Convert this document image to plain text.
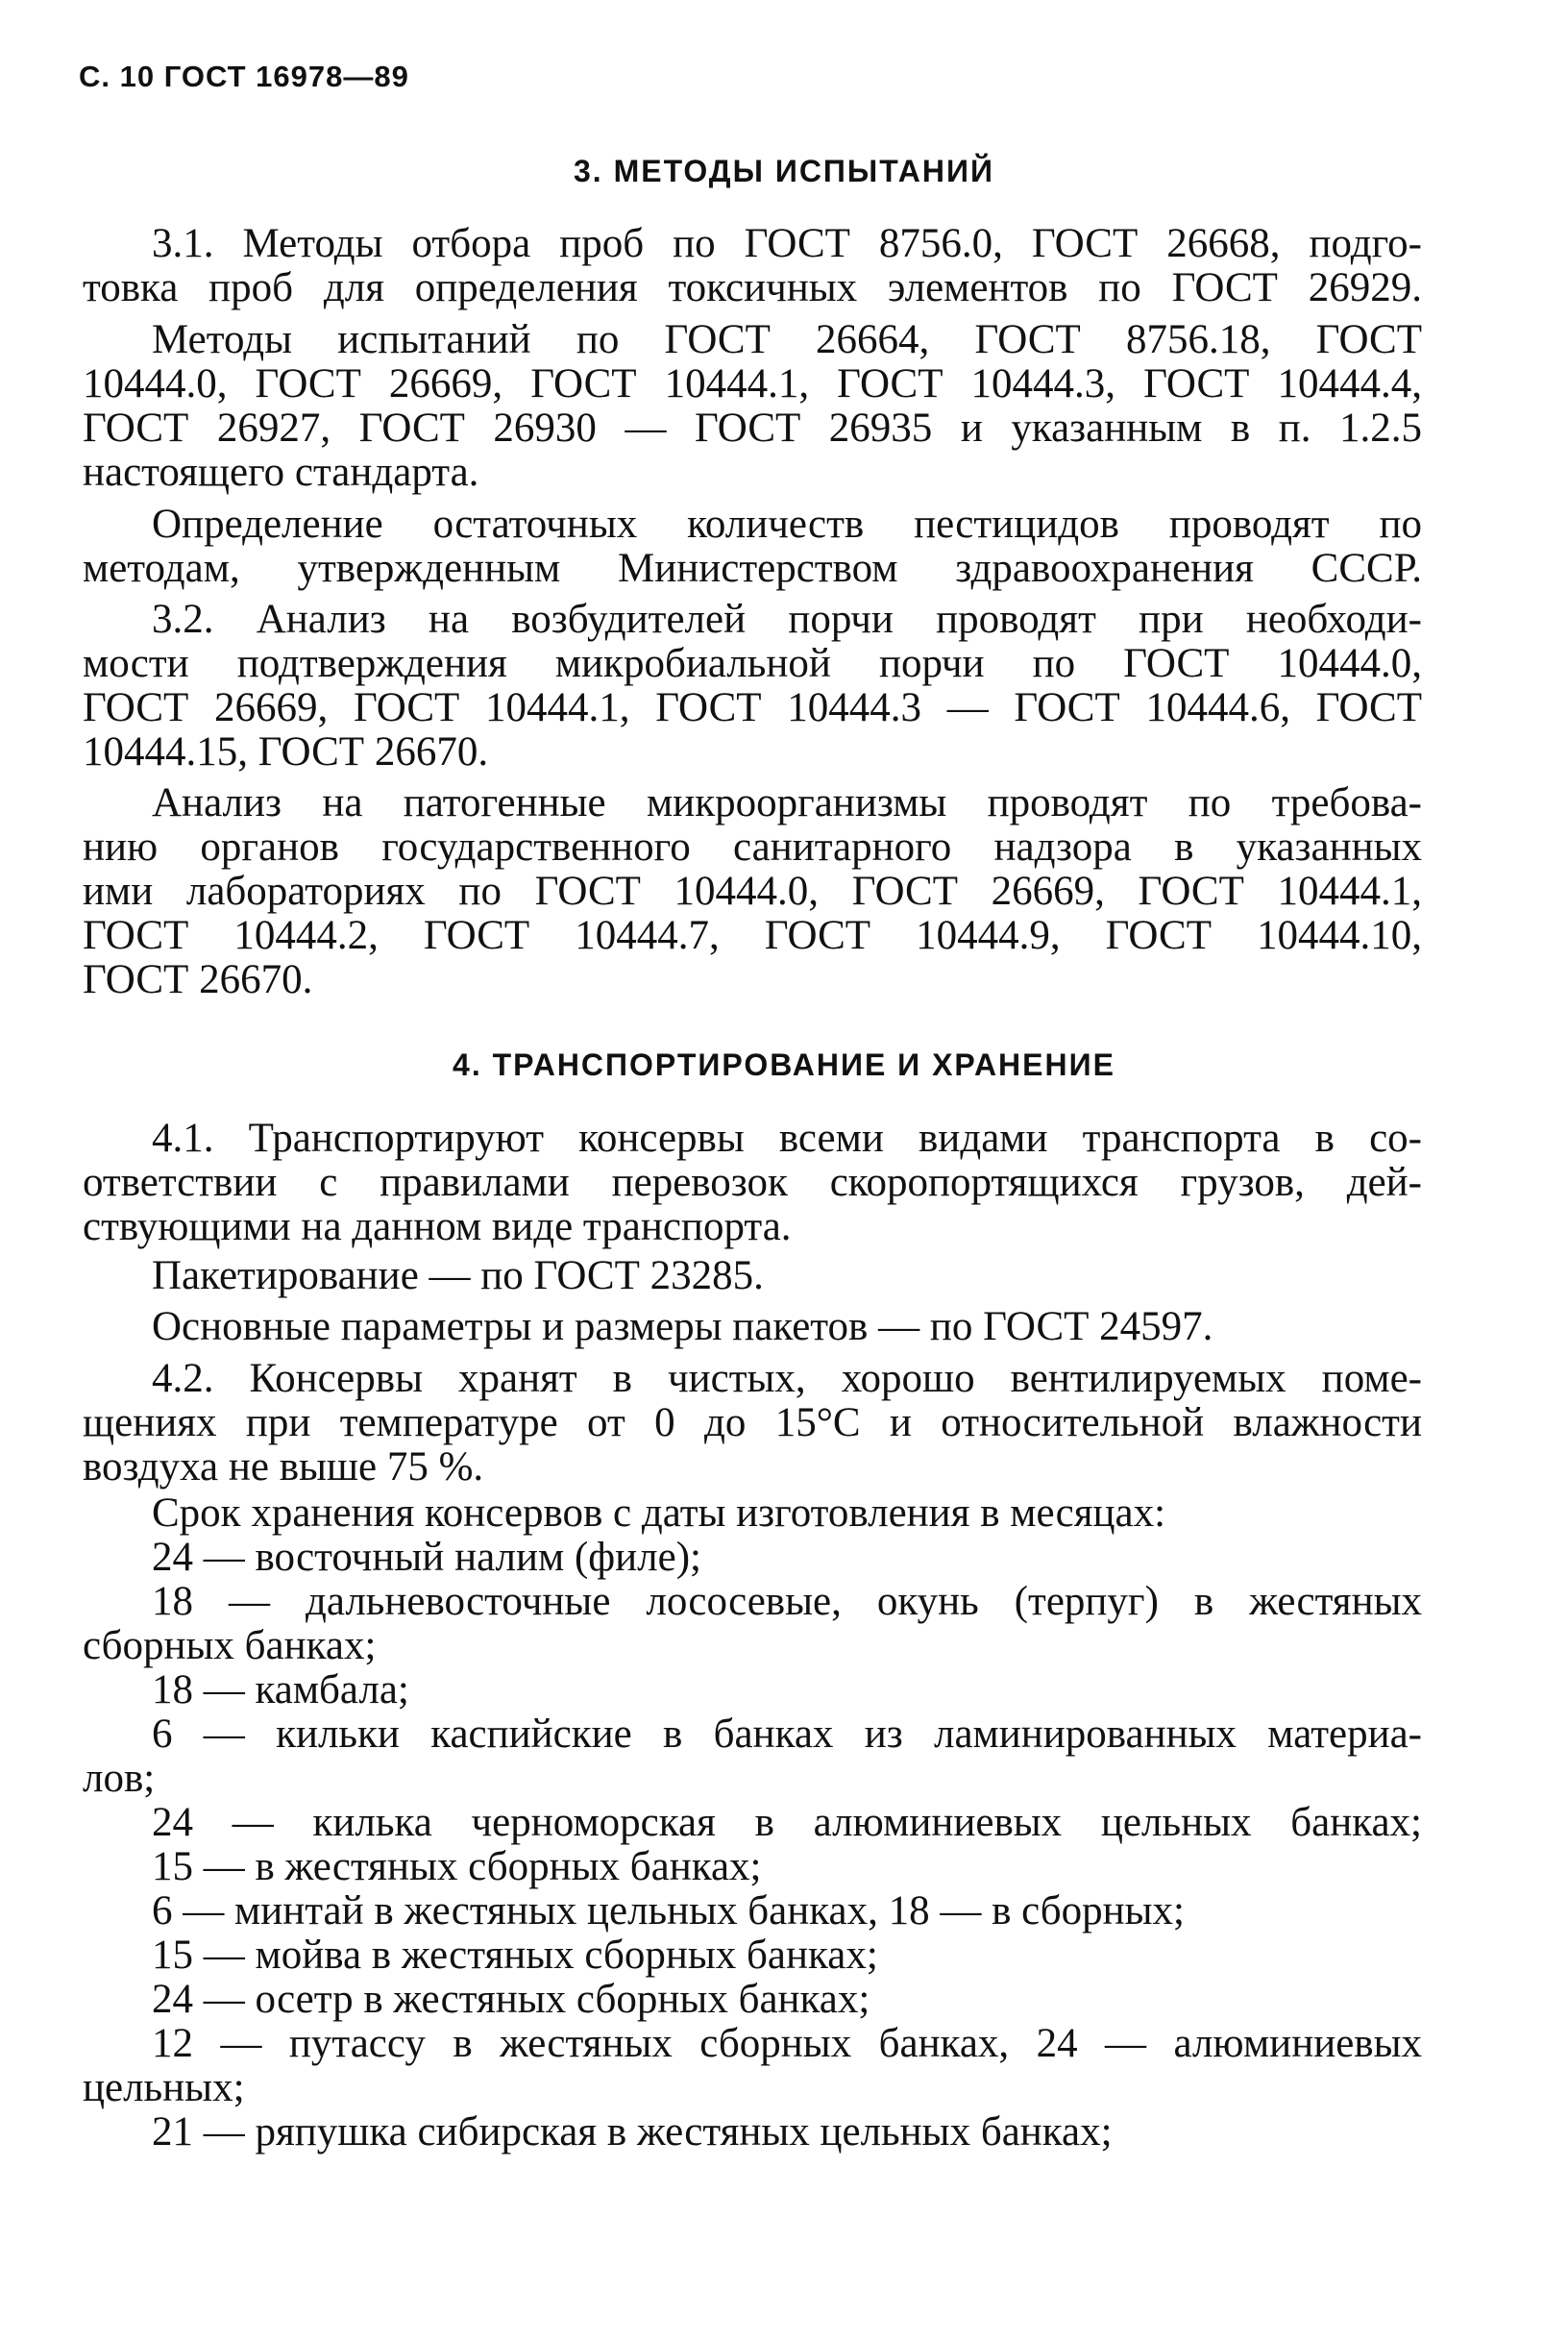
С. 10 ГОСТ 16978—89
3. МЕТОДЫ ИСПЫТАНИЙ
3.1. Методы отбора проб по ГОСТ 8756.0, ГОСТ 26668, подго-
товка проб для определения токсичных элементов по ГОСТ 26929.
Методы испытаний по ГОСТ 26664, ГОСТ 8756.18, ГОСТ
10444.0, ГОСТ 26669, ГОСТ 10444.1, ГОСТ 10444.3, ГОСТ 10444.4,
ГОСТ 26927, ГОСТ 26930 — ГОСТ 26935 и указанным в п. 1.2.5
настоящего стандарта.
Определение остаточных количеств пестицидов проводят по
методам, утвержденным Министерством здравоохранения СССР.
3.2. Анализ на возбудителей порчи проводят при необходи-
мости подтверждения микробиальной порчи по ГОСТ 10444.0,
ГОСТ 26669, ГОСТ 10444.1, ГОСТ 10444.3 — ГОСТ 10444.6, ГОСТ
10444.15, ГОСТ 26670.
Анализ на патогенные микроорганизмы проводят по требова-
нию органов государственного санитарного надзора в указанных
ими лабораториях по ГОСТ 10444.0, ГОСТ 26669, ГОСТ 10444.1,
ГОСТ 10444.2, ГОСТ 10444.7, ГОСТ 10444.9, ГОСТ 10444.10,
ГОСТ 26670.
4. ТРАНСПОРТИРОВАНИЕ И ХРАНЕНИЕ
4.1. Транспортируют консервы всеми видами транспорта в со-
ответствии с правилами перевозок скоропортящихся грузов, дей-
ствующими на данном виде транспорта.
Пакетирование — по ГОСТ 23285.
Основные параметры и размеры пакетов — по ГОСТ 24597.
4.2. Консервы хранят в чистых, хорошо вентилируемых поме-
щениях при температуре от 0 до 15°С и относительной влажности
воздуха не выше 75 %.
Срок хранения консервов с даты изготовления в месяцах:
24 — восточный налим (филе);
18 — дальневосточные лососевые, окунь (терпуг) в жестяных
сборных банках;
18 — камбала;
6 — кильки каспийские в банках из ламинированных материа-
лов;
24 — килька черноморская в алюминиевых цельных банках;
15 — в жестяных сборных банках;
6 — минтай в жестяных цельных банках, 18 — в сборных;
15 — мойва в жестяных сборных банках;
24 — осетр в жестяных сборных банках;
12 — путассу в жестяных сборных банках, 24 — алюминиевых
цельных;
21 — ряпушка сибирская в жестяных цельных банках;
